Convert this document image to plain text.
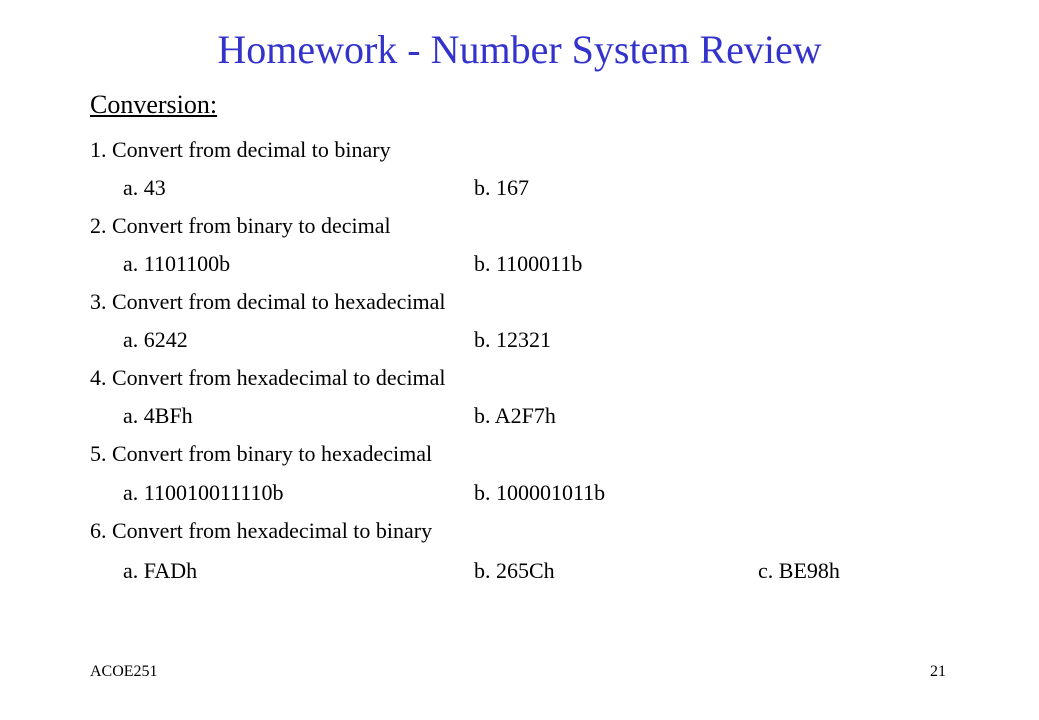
Homework - Number System Review
Conversion:
1. Convert from decimal to binary
a. 43	b. 167
2. Convert from binary to decimal
a. 1101100b	b. 1100011b
3. Convert from decimal to hexadecimal
a. 6242	b. 12321
4. Convert from hexadecimal to decimal
a. 4BFh	b. A2F7h
5. Convert from binary to hexadecimal
a. 110010011110b	b. 100001011b
6. Convert from hexadecimal to binary
a. FADh	b. 265Ch	c. BE98h
ACOE251	21
